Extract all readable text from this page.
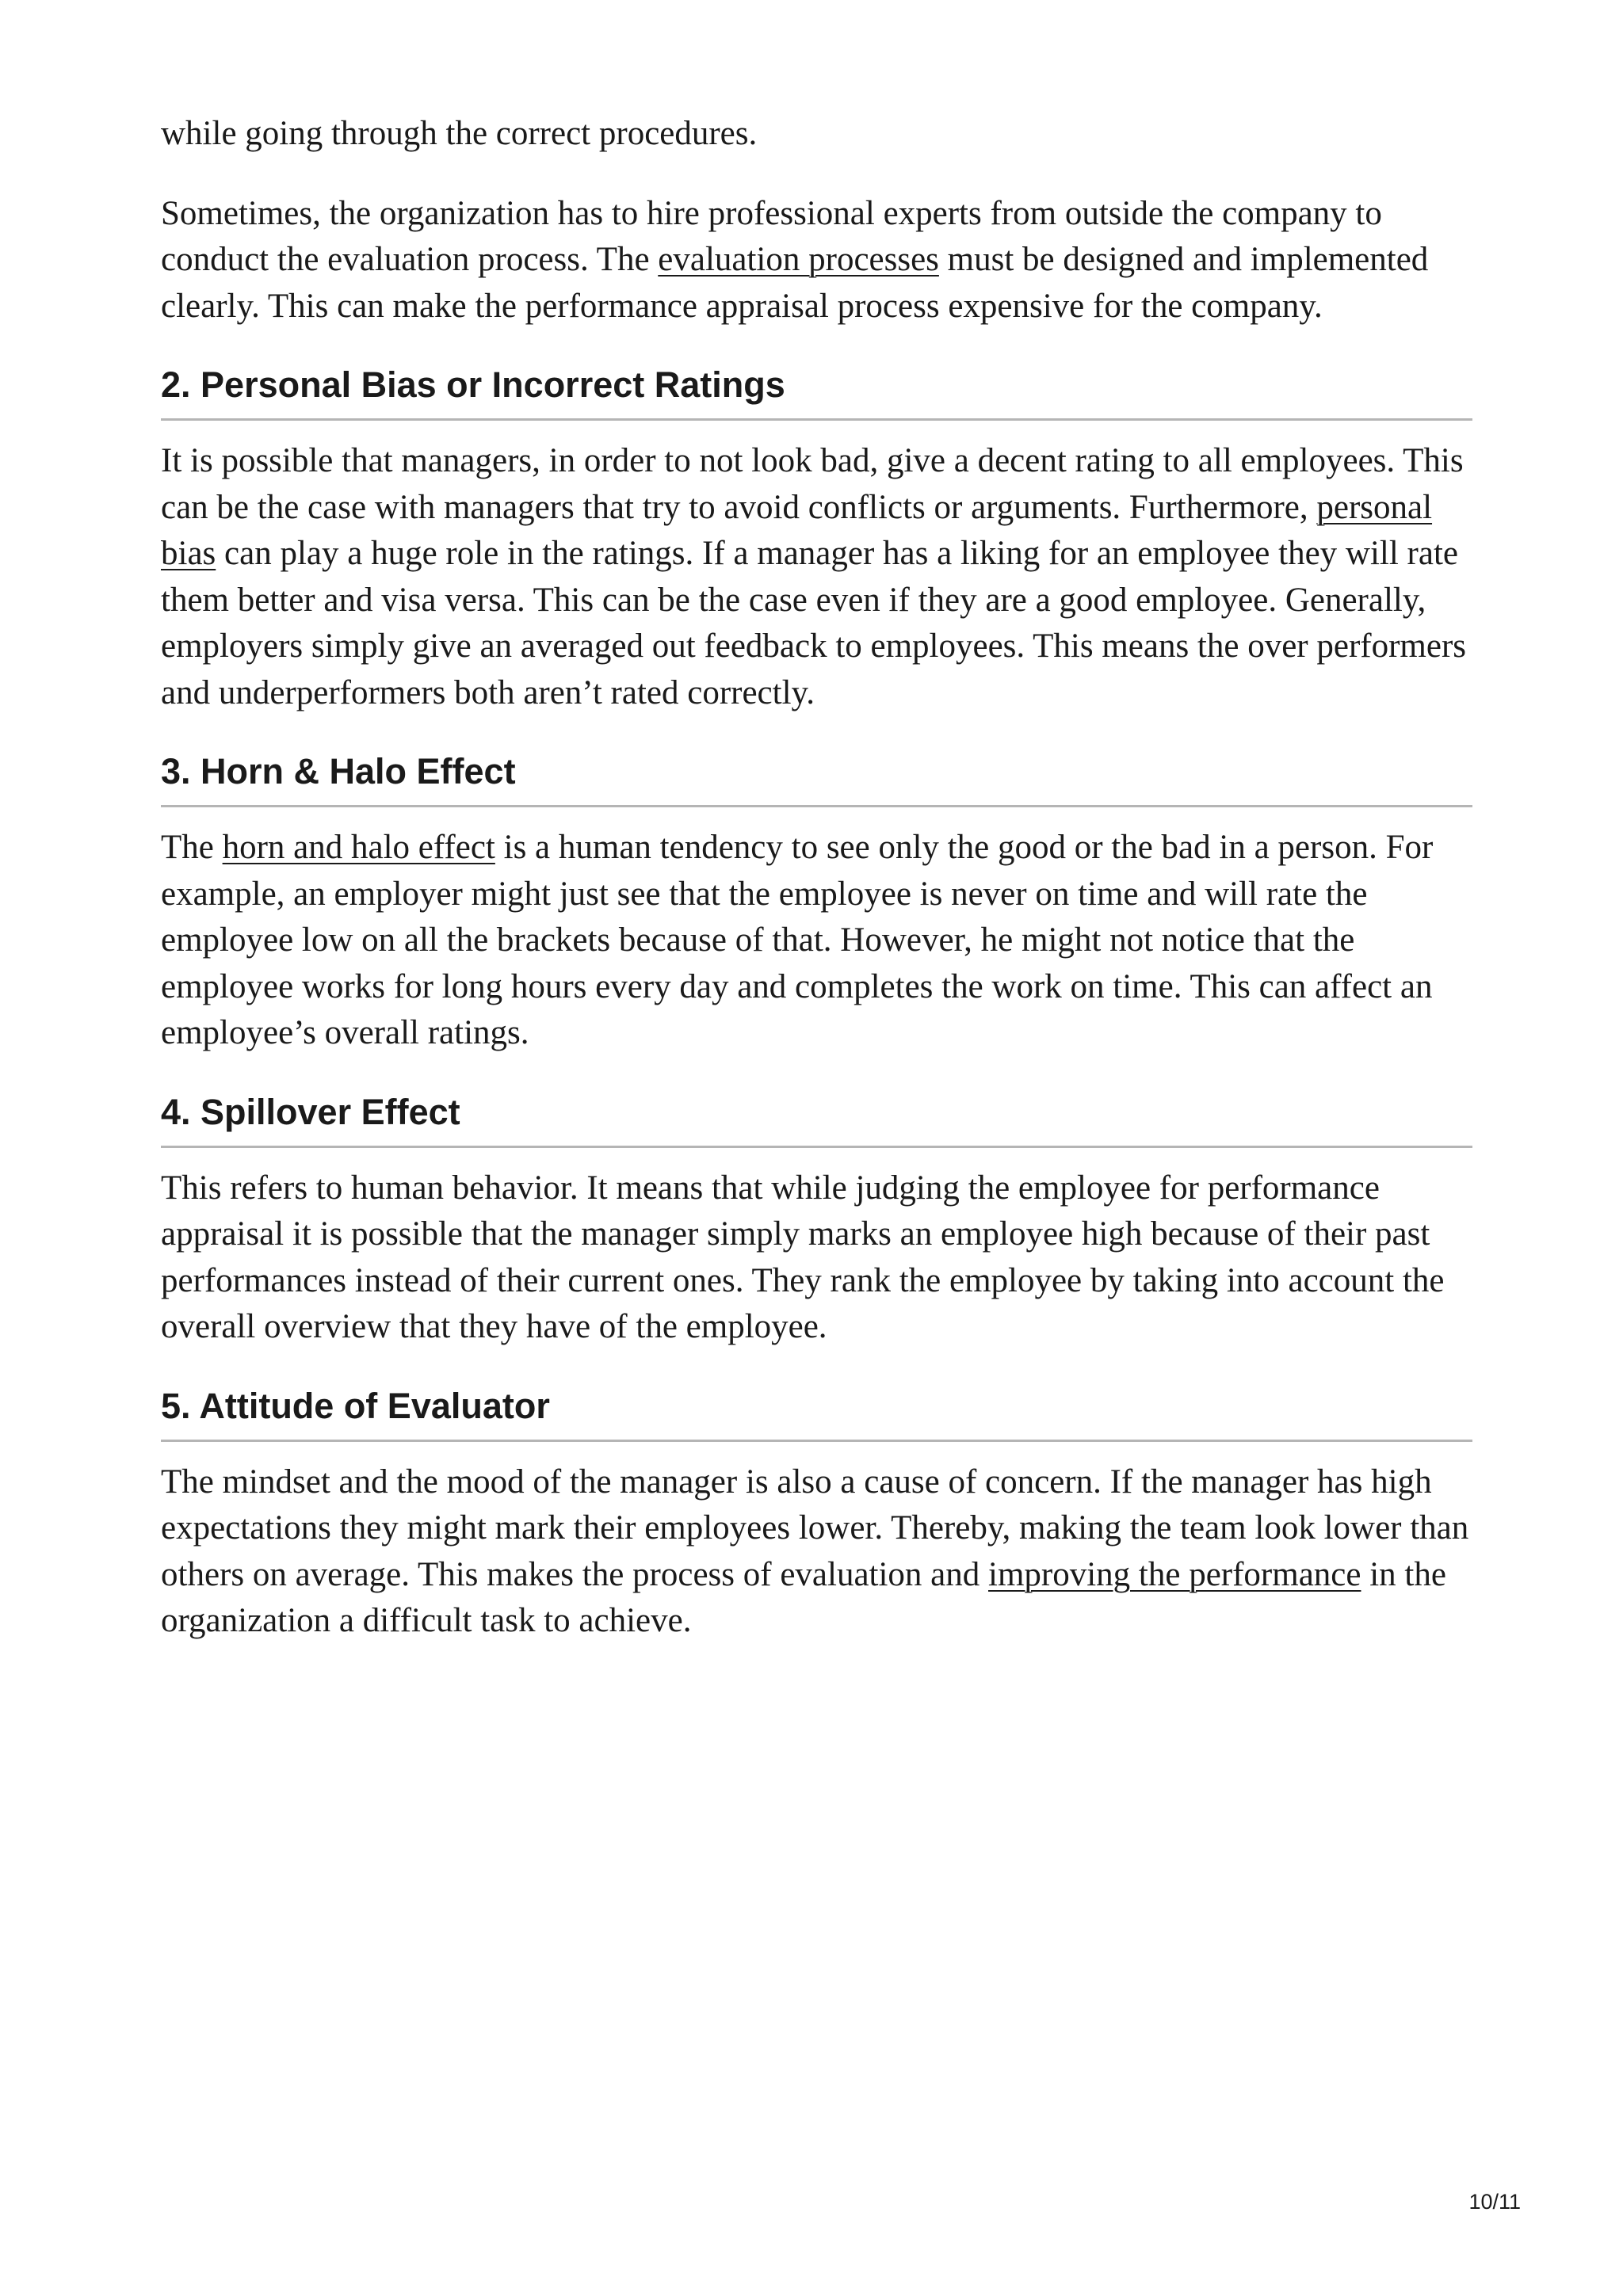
while going through the correct procedures.

Sometimes, the organization has to hire professional experts from outside the company to conduct the evaluation process. The evaluation processes must be designed and implemented clearly. This can make the performance appraisal process expensive for the company.

2. Personal Bias or Incorrect Ratings

It is possible that managers, in order to not look bad, give a decent rating to all employees. This can be the case with managers that try to avoid conflicts or arguments. Furthermore, personal bias can play a huge role in the ratings. If a manager has a liking for an employee they will rate them better and visa versa. This can be the case even if they are a good employee. Generally, employers simply give an averaged out feedback to employees. This means the over performers and underperformers both aren’t rated correctly.

3. Horn & Halo Effect

The horn and halo effect is a human tendency to see only the good or the bad in a person. For example, an employer might just see that the employee is never on time and will rate the employee low on all the brackets because of that. However, he might not notice that the employee works for long hours every day and completes the work on time. This can affect an employee’s overall ratings.

4. Spillover Effect

This refers to human behavior. It means that while judging the employee for performance appraisal it is possible that the manager simply marks an employee high because of their past performances instead of their current ones. They rank the employee by taking into account the overall overview that they have of the employee.

5. Attitude of Evaluator

The mindset and the mood of the manager is also a cause of concern. If the manager has high expectations they might mark their employees lower. Thereby, making the team look lower than others on average. This makes the process of evaluation and improving the performance in the organization a difficult task to achieve.

10/11
